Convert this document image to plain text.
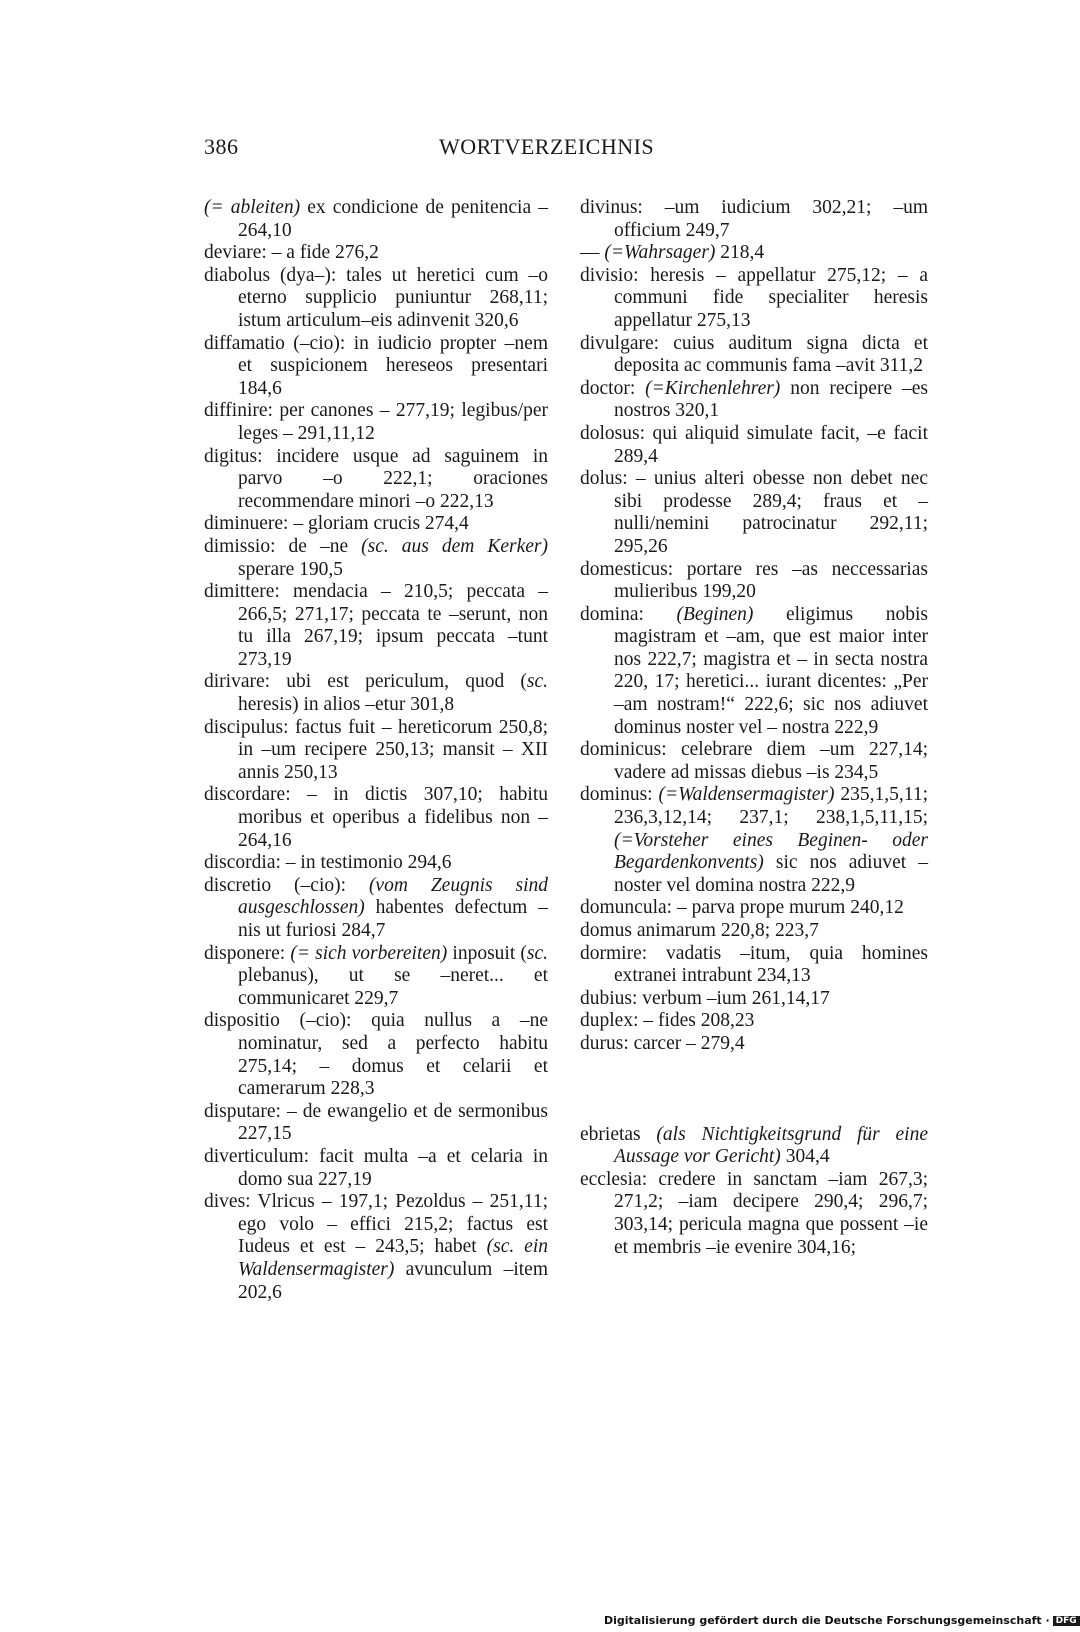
386	WORTVERZEICHNIS

(= ableiten) ex condicione de penitencia – 264,10

deviare: – a fide 276,2

diabolus (dya–): tales ut heretici cum –o eterno supplicio puniuntur 268,11; istum articulum–eis adinvenit 320,6

diffamatio (–cio): in iudicio propter –nem et suspicionem hereseos presentari 184,6

diffinire: per canones – 277,19; legibus/per leges – 291,11,12

digitus: incidere usque ad saguinem in parvo –o 222,1; oraciones recommendare minori –o 222,13

diminuere: – gloriam crucis 274,4

dimissio: de –ne (sc. aus dem Kerker) sperare 190,5

dimittere: mendacia – 210,5; peccata – 266,5; 271,17; peccata te –serunt, non tu illa 267,19; ipsum peccata –tunt 273,19

dirivare: ubi est periculum, quod (sc. heresis) in alios –etur 301,8

discipulus: factus fuit – hereticorum 250,8; in –um recipere 250,13; mansit – XII annis 250,13

discordare: – in dictis 307,10; habitu moribus et operibus a fidelibus non – 264,16

discordia: – in testimonio 294,6

discretio (–cio): (vom Zeugnis sind ausgeschlossen) habentes defectum –nis ut furiosi 284,7

disponere: (= sich vorbereiten) inposuit (sc. plebanus), ut se –neret... et communicaret 229,7

dispositio (–cio): quia nullus a –ne nominatur, sed a perfecto habitu 275,14; – domus et celarii et camerarum 228,3

disputare: – de ewangelio et de sermonibus 227,15

diverticulum: facit multa –a et celaria in domo sua 227,19

dives: Vlricus – 197,1; Pezoldus – 251,11; ego volo – effici 215,2; factus est Iudeus et est – 243,5; habet (sc. ein Waldensermagister) avunculum –item 202,6

divinus: –um iudicium 302,21; –um officium 249,7

— (=Wahrsager) 218,4

divisio: heresis – appellatur 275,12; – a communi fide specialiter heresis appellatur 275,13

divulgare: cuius auditum signa dicta et deposita ac communis fama –avit 311,2

doctor: (=Kirchenlehrer) non recipere –es nostros 320,1

dolosus: qui aliquid simulate facit, –e facit 289,4

dolus: – unius alteri obesse non debet nec sibi prodesse 289,4; fraus et – nulli/nemini patrocinatur 292,11; 295,26

domesticus: portare res –as neccessarias mulieribus 199,20

domina: (Beginen) eligimus nobis magistram et –am, que est maior inter nos 222,7; magistra et – in secta nostra 220, 17; heretici... iurant dicentes: „Per –am nostram!“ 222,6; sic nos adiuvet dominus noster vel – nostra 222,9

dominicus: celebrare diem –um 227,14; vadere ad missas diebus –is 234,5

dominus: (=Waldensermagister) 235,1,5,11; 236,3,12,14; 237,1; 238,1,5,11,15; (=Vorsteher eines Beginen- oder Begardenkonvents) sic nos adiuvet – noster vel domina nostra 222,9

domuncula: – parva prope murum 240,12

domus animarum 220,8; 223,7

dormire: vadatis –itum, quia homines extranei intrabunt 234,13

dubius: verbum –ium 261,14,17

duplex: – fides 208,23

durus: carcer – 279,4

ebrietas (als Nichtigkeitsgrund für eine Aussage vor Gericht) 304,4

ecclesia: credere in sanctam –iam 267,3; 271,2; –iam decipere 290,4; 296,7; 303,14; pericula magna que possent –ie et membris –ie evenire 304,16;

Digitalisierung gefördert durch die Deutsche Forschungsgemeinschaft · DFG
